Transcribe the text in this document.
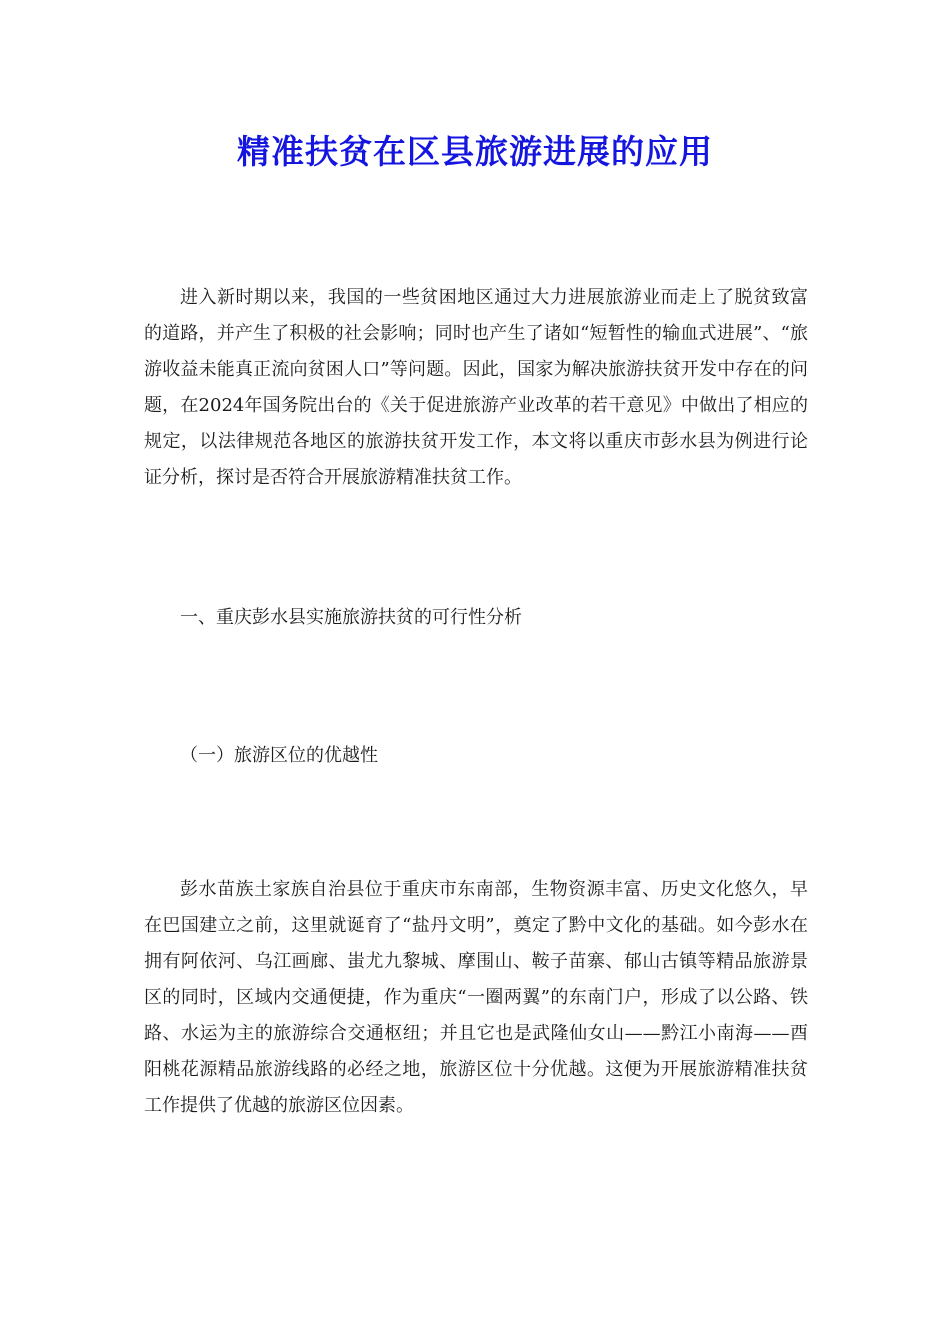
精准扶贫在区县旅游进展的应用

进入新时期以来，我国的一些贫困地区通过大力进展旅游业而走上了脱贫致富的道路，并产生了积极的社会影响；同时也产生了诸如“短暂性的输血式进展”、“旅游收益未能真正流向贫困人口”等问题。因此，国家为解决旅游扶贫开发中存在的问题，在2024年国务院出台的《关于促进旅游产业改革的若干意见》中做出了相应的规定，以法律规范各地区的旅游扶贫开发工作，本文将以重庆市彭水县为例进行论证分析，探讨是否符合开展旅游精准扶贫工作。

一、重庆彭水县实施旅游扶贫的可行性分析
（一）旅游区位的优越性

彭水苗族土家族自治县位于重庆市东南部，生物资源丰富、历史文化悠久，早在巴国建立之前，这里就诞育了“盐丹文明”，奠定了黔中文化的基础。如今彭水在拥有阿依河、乌江画廊、蚩尤九黎城、摩围山、鞍子苗寨、郁山古镇等精品旅游景区的同时，区域内交通便捷，作为重庆“一圈两翼”的东南门户，形成了以公路、铁路、水运为主的旅游综合交通枢纽；并且它也是武隆仙女山——黔江小南海——酉阳桃花源精品旅游线路的必经之地，旅游区位十分优越。这便为开展旅游精准扶贫工作提供了优越的旅游区位因素。
